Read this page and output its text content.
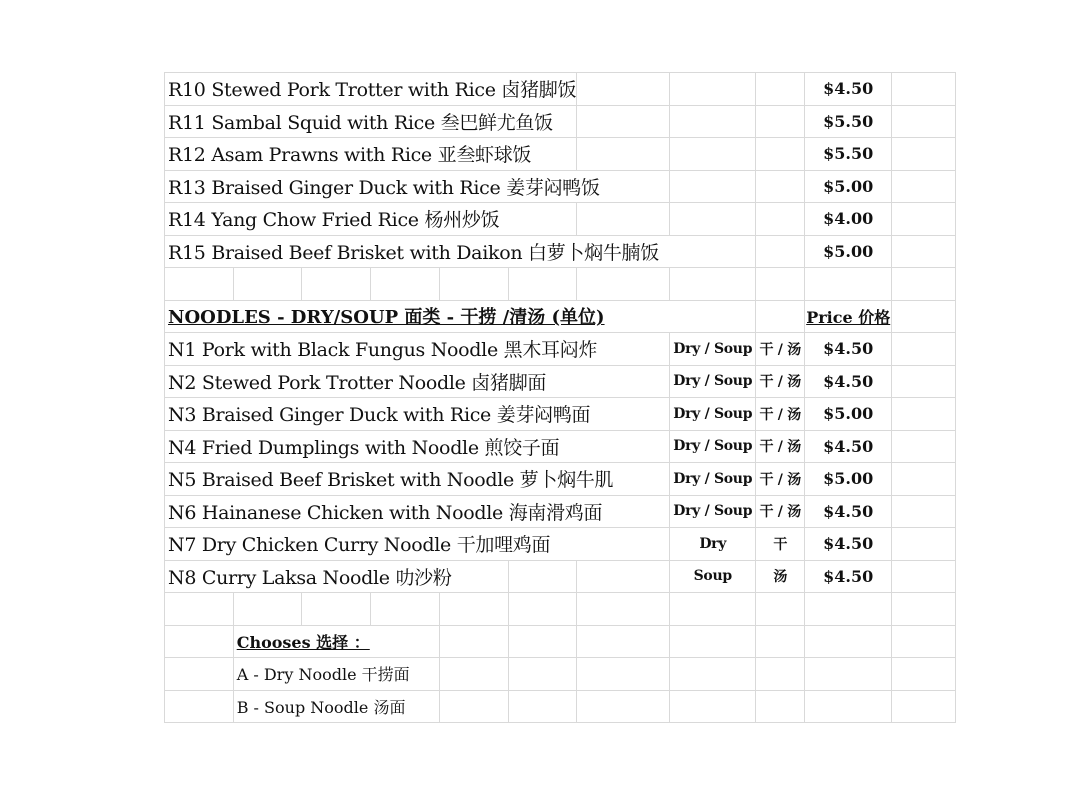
R10 Stewed Pork Trotter with Rice 卤猪脚饭									$4.50	
R11 Sambal Squid with Rice 叁巴鲜尤鱼饭									$5.50	
R12 Asam Prawns with Rice 亚叁虾球饭									$5.50	
R13 Braised Ginger Duck with Rice 姜芽闷鸭饭									$5.00	
R14 Yang Chow Fried Rice 杨州炒饭									$4.00	
R15 Braised Beef Brisket with Daikon 白萝卜焖牛腩饭									$5.00	

NOODLES - DRY/SOUP 面类 - 干捞 /清汤 (单位)									Price 价格	
N1 Pork with Black Fungus Noodle 黑木耳闷炸							Dry / Soup	干 / 汤	$4.50	
N2 Stewed Pork Trotter Noodle 卤猪脚面							Dry / Soup	干 / 汤	$4.50	
N3 Braised Ginger Duck with Rice 姜芽闷鸭面							Dry / Soup	干 / 汤	$5.00	
N4 Fried Dumplings with Noodle 煎饺子面							Dry / Soup	干 / 汤	$4.50	
N5 Braised Beef Brisket with Noodle 萝卜焖牛肌							Dry / Soup	干 / 汤	$5.00	
N6 Hainanese Chicken with Noodle 海南滑鸡面							Dry / Soup	干 / 汤	$4.50	
N7 Dry Chicken Curry Noodle 干加哩鸡面							Dry	干	$4.50	
N8 Curry Laksa Noodle 叻沙粉							Soup	汤	$4.50	

	Chooses 选择 ：									
	A - Dry Noodle 干捞面									
	B - Soup Noodle 汤面									
